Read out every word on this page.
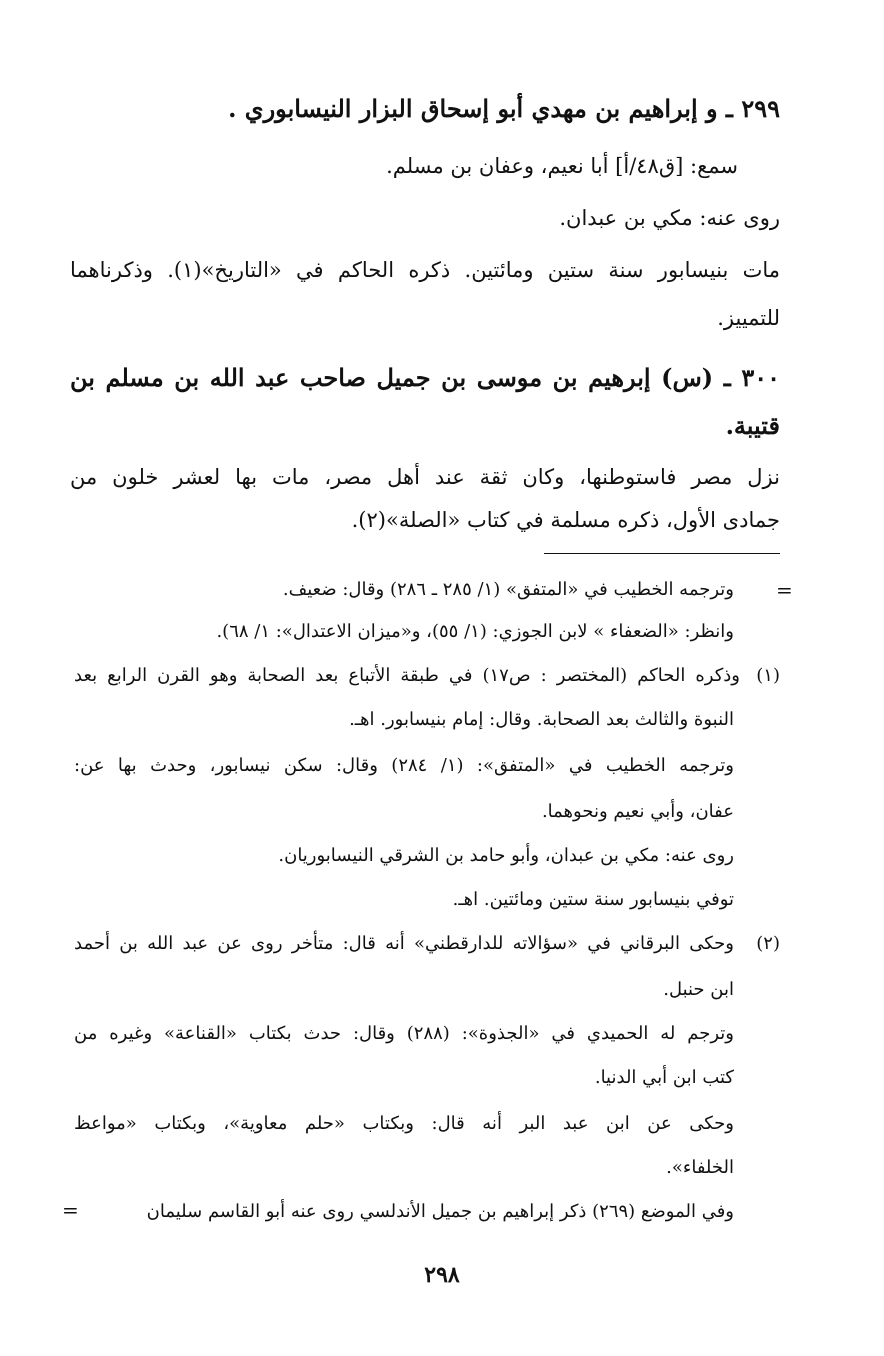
٢٩٩ ـ و إبراهيم بن مهدي أبو إسحاق البزار النيسابوري .
سمع: [ق٤٨/أ] أبا نعيم، وعفان بن مسلم.
روى عنه: مكي بن عبدان.
مات بنيسابور سنة ستين ومائتين. ذكره الحاكم في «التاريخ»(١). وذكرناهما
للتمييز.
٣٠٠ ـ (س) إبرهيم بن موسى بن جميل صاحب عبد الله بن مسلم بن
قتيبة.
نزل مصر فاستوطنها، وكان ثقة عند أهل مصر، مات بها لعشر خلون من
جمادى الأول، ذكره مسلمة في كتاب «الصلة»(٢).
=
وترجمه الخطيب في «المتفق» (١/ ٢٨٥ ـ ٢٨٦) وقال: ضعيف.
وانظر: «الضعفاء » لابن الجوزي: (١/ ٥٥)، و«ميزان الاعتدال»: ١/ ٦٨).
(١)
وذكره الحاكم (المختصر : ص١٧) في طبقة الأتباع بعد الصحابة وهو القرن الرابع بعد
النبوة والثالث بعد الصحابة. وقال: إمام بنيسابور. اهـ.
وترجمه الخطيب في «المتفق»: (١/ ٢٨٤) وقال: سكن نيسابور، وحدث بها عن:
عفان، وأبي نعيم ونحوهما.
روى عنه: مكي بن عبدان، وأبو حامد بن الشرقي النيسابوريان.
توفي بنيسابور سنة ستين ومائتين. اهـ.
(٢)
وحكى البرقاني في «سؤالاته للدارقطني» أنه قال: متأخر روى عن عبد الله بن أحمد
ابن حنبل.
وترجم له الحميدي في «الجذوة»: (٢٨٨) وقال: حدث بكتاب «القناعة» وغيره من
كتب ابن أبي الدنيا.
وحكى عن ابن عبد البر أنه قال: وبكتاب «حلم معاوية»، وبكتاب «مواعظ
الخلفاء».
وفي الموضع (٢٦٩) ذكر إبراهيم بن جميل الأندلسي روى عنه أبو القاسم سليمان
=
٢٩٨
